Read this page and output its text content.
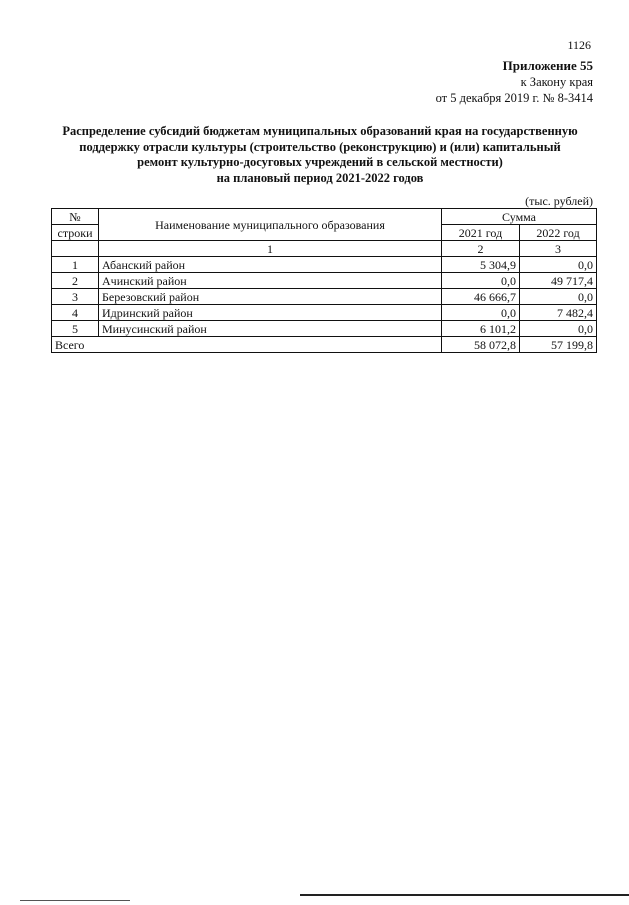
1126
Приложение 55
к Закону края
от 5 декабря 2019 г. № 8-3414
Распределение субсидий бюджетам муниципальных образований края на государственную
поддержку отрасли культуры (строительство (реконструкцию) и (или) капитальный
ремонт культурно-досуговых учреждений в сельской местности)
на плановый период 2021-2022 годов
(тыс. рублей)
№	Наименование муниципального образования	Сумма	
строки		2021 год	2022 год
	1	2	3
1	Абанский район	5 304,9	0,0
2	Ачинский район	0,0	49 717,4
3	Березовский район	46 666,7	0,0
4	Идринский район	0,0	7 482,4
5	Минусинский район	6 101,2	0,0
Всего		58 072,8	57 199,8
